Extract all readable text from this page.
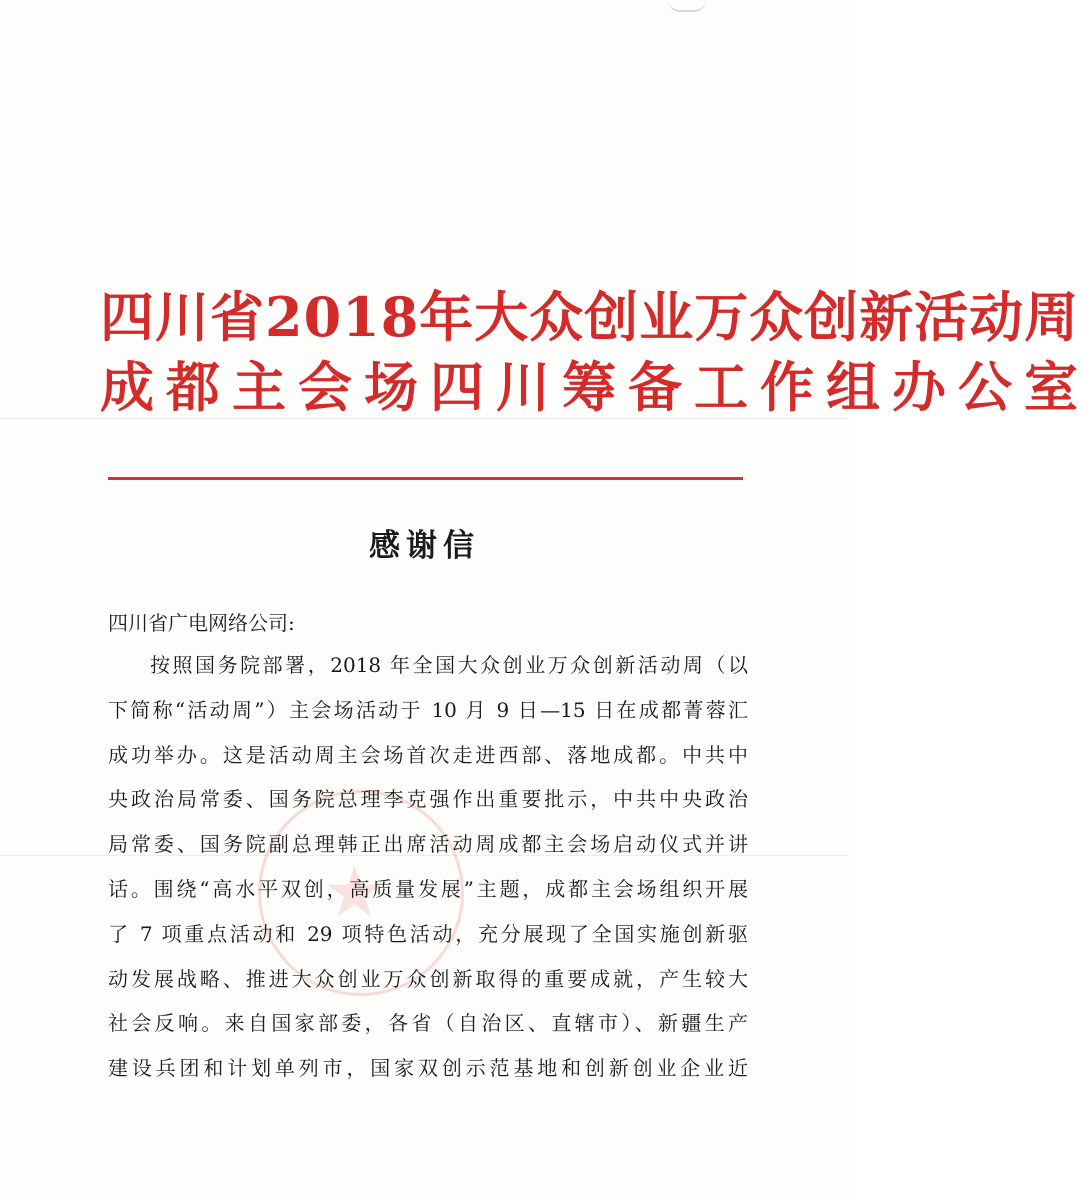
四川省2018年大众创业万众创新活动周
成都主会场四川筹备工作组办公室
感谢信
四川省广电网络公司:
★
按照国务院部署，2018 年全国大众创业万众创新活动周（以
下简称“活动周”）主会场活动于 10 月 9 日—15 日在成都菁蓉汇
成功举办。这是活动周主会场首次走进西部、落地成都。中共中
央政治局常委、国务院总理李克强作出重要批示，中共中央政治
局常委、国务院副总理韩正出席活动周成都主会场启动仪式并讲
话。围绕“高水平双创，高质量发展”主题，成都主会场组织开展
了 7 项重点活动和 29 项特色活动，充分展现了全国实施创新驱
动发展战略、推进大众创业万众创新取得的重要成就，产生较大
社会反响。来自国家部委，各省（自治区、直辖市）、新疆生产
建设兵团和计划单列市，国家双创示范基地和创新创业企业近
